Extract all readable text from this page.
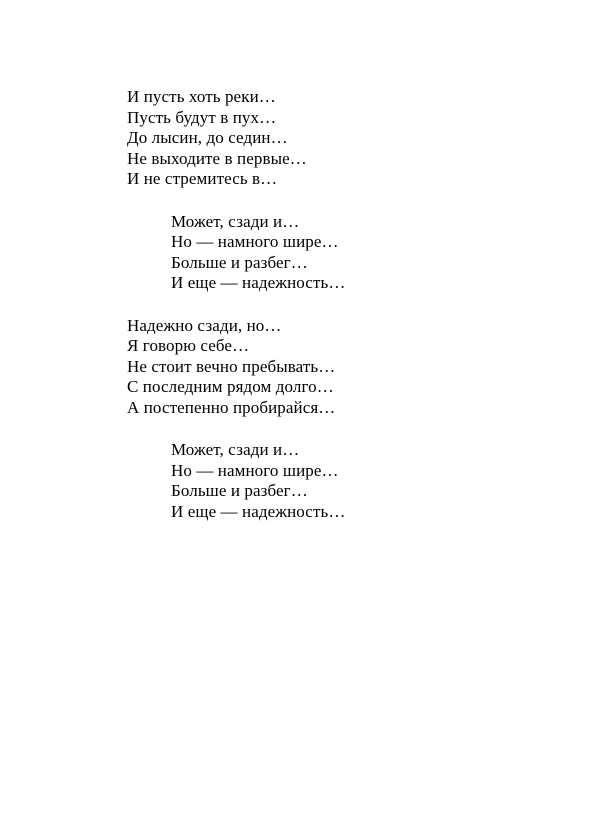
И пусть хоть реки…
Пусть будут в пух…
До лысин, до седин…
Не выходите в первые…
И не стремитесь в…
Может, сзади и…
Но — намного шире…
Больше и разбег…
И еще — надежность…
Надежно сзади, но…
Я говорю себе…
Не стоит вечно пребывать…
С последним рядом долго…
А постепенно пробирайся…
Может, сзади и…
Но — намного шире…
Больше и разбег…
И еще — надежность…
